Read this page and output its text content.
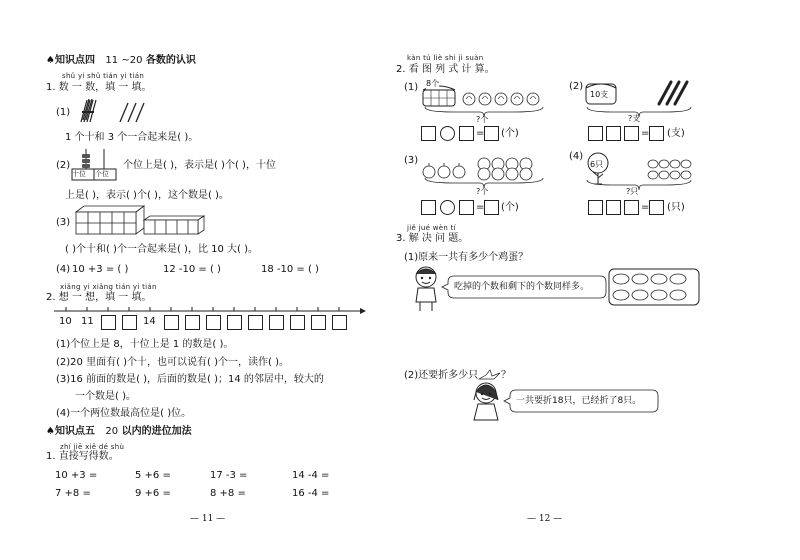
♠知识点四 11 ~20 各数的认识
shǔ yi shǔ tián yi tián
1. 数 一 数，填 一 填。
(1)
1 个十和 3 个一合起来是( )。
(2)
十位 个位
个位上是( )，表示是( )个( )，十位
上是( )，表示( )个( )，这个数是( )。
(3)
( )个十和( )个一合起来是( )，比 10 大( )。
(4) 10 +3 = ( )	12 -10 = ( )	18 -10 = ( )
xiǎng yi xiǎng tián yi tián
2. 想 一 想，填 一 填。
10 11	14
(1)个位上是 8，十位上是 1 的数是( )。
(2)20 里面有( )个十，也可以说有( )个一，读作( )。
(3)16 前面的数是( )，后面的数是( )；14 的邻居中，较大的
一个数是( )。
(4)一个两位数最高位是( )位。
♠知识点五 20 以内的进位加法
zhí jiē xiě dé shù
1. 直接写得数。
10 +3 =	5 +6 =	17 -3 =	14 -4 =
7 +8 =	9 +6 =	8 +8 =	16 -4 =
— 11 —
kàn tú liè shì jì suàn
2. 看 图 列 式 计 算。
(1) 8个
?个
= (个)
(2)
10支
?支
= (支)
(3)
?个
= (个)
(4)
6只
?只
= (只)
jiě jué wèn tí
3. 解 决 问 题。
(1)原来一共有多少个鸡蛋？
吃掉的个数和剩下的个数同样多。
(2)还要折多少只 ？
一共要折18只，已经折了8只。
— 12 —
